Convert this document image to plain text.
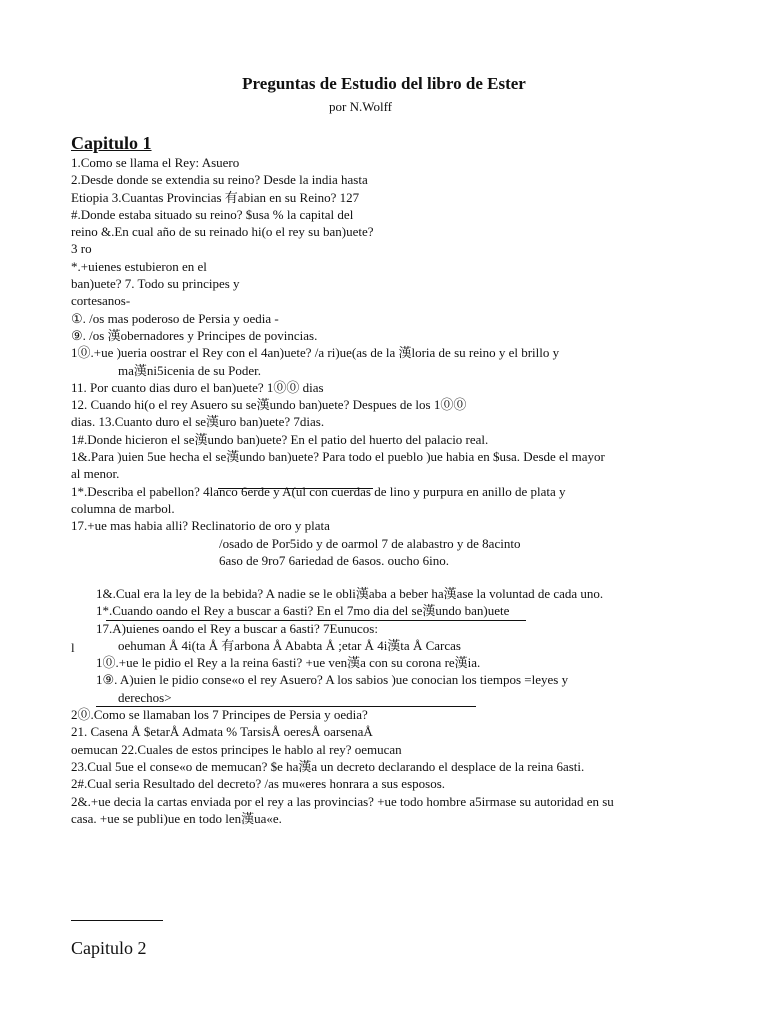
Preguntas de Estudio del libro de Ester
por N.Wolff
Capitulo 1
1.Como se llama el Rey: Asuero
2.Desde donde se extendia su reino? Desde la india hasta
Etiopia 3.Cuantas Provincias 有abian en su Reino? 127
#.Donde estaba situado su reino? $usa % la capital del
reino &.En cual año de su reinado hi(o el rey su ban)uete?
3 ro
*.+uienes estubieron en el
ban)uete? 7. Todo su principes y
cortesanos-
①. /os mas poderoso de Persia y oedia -
⑨. /os 漢obernadores y Principes de povincias.
1⓪.+ue )ueria oostrar el Rey con el 4an)uete? /a ri)ue(as de la 漢loria de su reino y el brillo y
ma漢ni5icenia de su Poder.
11. Por cuanto dias duro el ban)uete? 1⓪⓪ dias
12. Cuando hi(o el rey Asuero su se漢undo ban)uete? Despues de los 1⓪⓪
dias. 13.Cuanto duro el se漢uro ban)uete? 7dias.
1#.Donde hicieron el se漢undo ban)uete? En el patio del huerto del palacio real.
1&.Para )uien 5ue hecha el se漢undo ban)uete? Para todo el pueblo )ue habia en $usa. Desde el mayor
al menor.
1*.Describa el pabellon? 4lanco 6erde y A(ul con cuerdas de lino y purpura en anillo de plata y
columna de marbol.
17.+ue mas habia alli? Reclinatorio de oro y plata
/osado de Por5ido y de oarmol 7 de alabastro y de 8acinto
6aso de 9ro7 6ariedad de 6asos. oucho 6ino.
1&.Cual era la ley de la bebida? A nadie se le obli漢aba a beber ha漢ase la voluntad de cada uno.
1*.Cuando oando el Rey a buscar a 6asti? En el 7mo dia del se漢undo ban)uete
17.A)uienes oando el Rey a buscar a 6asti? 7Eunucos:
oehuman Å 4i(ta Å 有arbona Å Ababta Å ;etar Å 4i漢ta Å Carcas
1⓪.+ue le pidio el Rey a la reina 6asti? +ue ven漢a con su corona re漢ia.
1⑨. A)uien le pidio conse«o el rey Asuero? A los sabios )ue conocian los tiempos =leyes y
derechos>
2⓪.Como se llamaban los 7 Principes de Persia y oedia?
21. Casena Å $etarÅ Admata % TarsisÅ oeresÅ oarsenaÅ
oemucan 22.Cuales de estos principes le hablo al rey? oemucan
23.Cual 5ue el conse«o de memucan? $e ha漢a un decreto declarando el desplace de la reina 6asti.
2#.Cual seria Resultado del decreto? /as mu«eres honrara a sus esposos.
2&.+ue decia la cartas enviada por el rey a las provincias? +ue todo hombre a5irmase su autoridad en su
casa. +ue se publi)ue en todo len漢ua«e.
l
Capitulo 2
